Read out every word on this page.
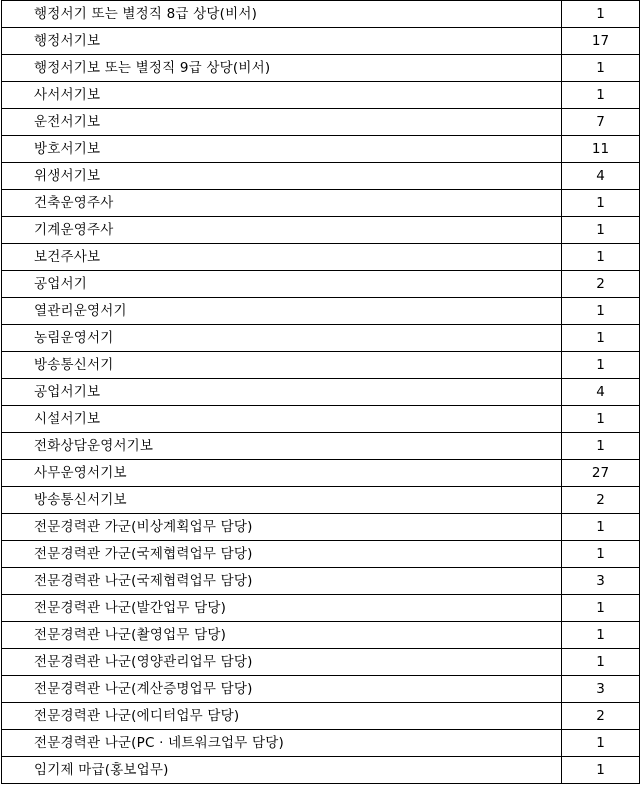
행정서기 또는 별정직 8급 상당(비서)	1
행정서기보	17
행정서기보 또는 별정직 9급 상당(비서)	1
사서서기보	1
운전서기보	7
방호서기보	11
위생서기보	4
건축운영주사	1
기계운영주사	1
보건주사보	1
공업서기	2
열관리운영서기	1
농림운영서기	1
방송통신서기	1
공업서기보	4
시설서기보	1
전화상담운영서기보	1
사무운영서기보	27
방송통신서기보	2
전문경력관 가군(비상계획업무 담당)	1
전문경력관 가군(국제협력업무 담당)	1
전문경력관 나군(국제협력업무 담당)	3
전문경력관 나군(발간업무 담당)	1
전문경력관 나군(촬영업무 담당)	1
전문경력관 나군(영양관리업무 담당)	1
전문경력관 나군(계산증명업무 담당)	3
전문경력관 나군(에디터업무 담당)	2
전문경력관 나군(PC · 네트워크업무 담당)	1
임기제 마급(홍보업무)	1
